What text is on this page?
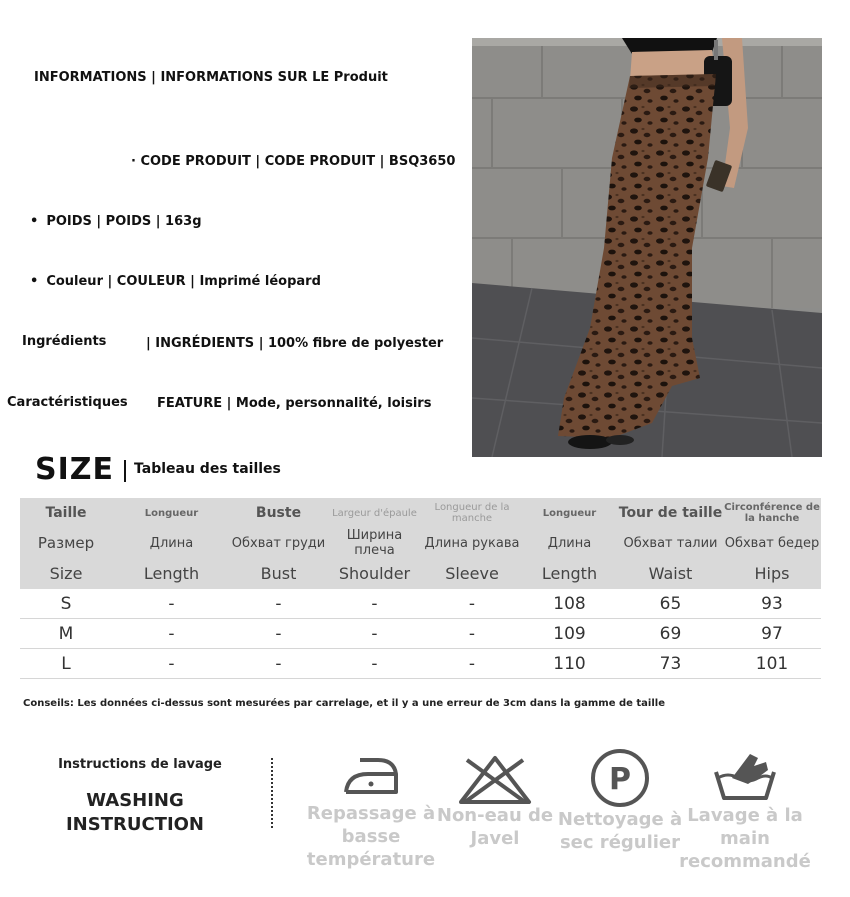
INFORMATIONS | INFORMATIONS SUR LE Produit
· CODE PRODUIT | CODE PRODUIT | BSQ3650
• POIDS | POIDS | 163g
• Couleur | COULEUR | Imprimé léopard
Ingrédients	| INGRÉDIENTS | 100% fibre de polyester
Caractéristiques FEATURE | Mode, personnalité, loisirs
SIZE Tableau des tailles
Taille	Longueur	Buste	Largeur d'épaule	Longueur de la manche	Longueur	Tour de taille	Circonférence de la hanche
Размер	Длина	Обхват груди	Ширина плеча	Длина рукава	Длина	Обхват талии	Обхват бедер
Size	Length	Bust	Shoulder	Sleeve	Length	Waist	Hips
S	-	-	-	-	108	65	93
M	-	-	-	-	109	69	97
L	-	-	-	-	110	73	101
Conseils: Les données ci-dessus sont mesurées par carrelage, et il y a une erreur de 3cm dans la gamme de taille
Instructions de lavage
WASHING
INSTRUCTION
Repassage à basse température
Non-eau de Javel
P
Nettoyage à sec régulier
Lavage à la main recommandé
